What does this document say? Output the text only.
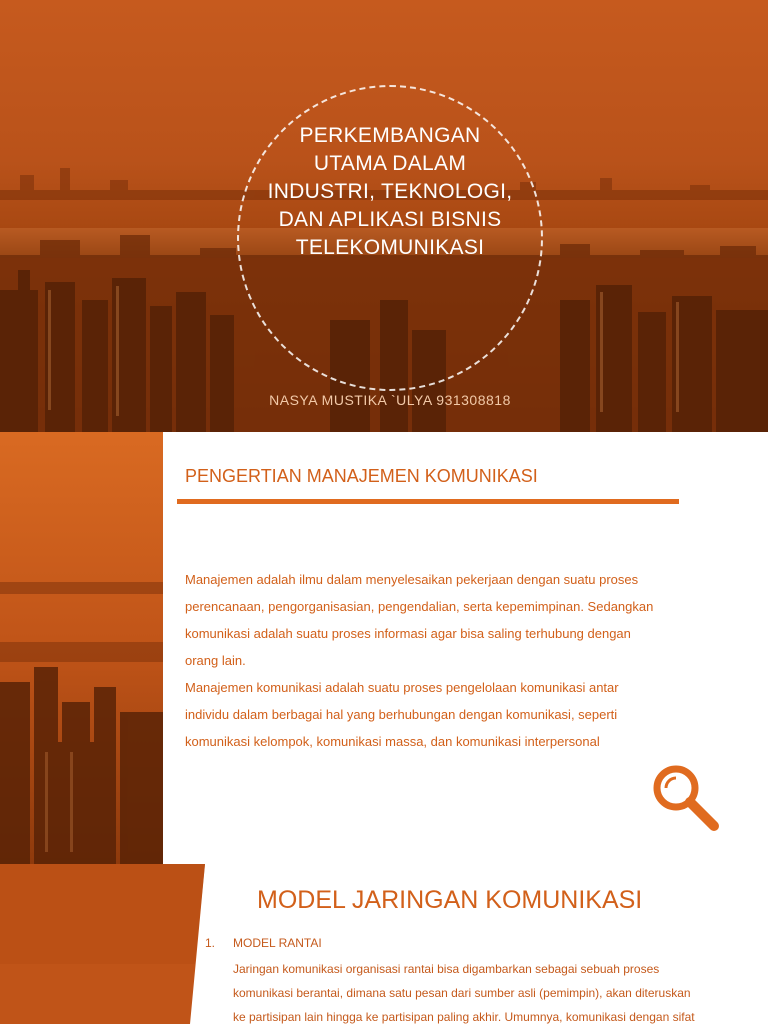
PERKEMBANGAN
UTAMA DALAM
INDUSTRI, TEKNOLOGI,
DAN APLIKASI BISNIS
TELEKOMUNIKASI
NASYA MUSTIKA `ULYA 931308818
PENGERTIAN MANAJEMEN KOMUNIKASI
Manajemen adalah ilmu dalam menyelesaikan pekerjaan dengan suatu proses
perencanaan, pengorganisasian, pengendalian, serta kepemimpinan. Sedangkan
komunikasi adalah suatu proses informasi agar bisa saling terhubung dengan
orang lain.
Manajemen komunikasi adalah suatu proses pengelolaan komunikasi antar
individu dalam berbagai hal yang berhubungan dengan komunikasi, seperti
komunikasi kelompok, komunikasi massa, dan komunikasi interpersonal
MODEL JARINGAN KOMUNIKASI
1. MODEL RANTAI
Jaringan komunikasi organisasi rantai bisa digambarkan sebagai sebuah proses
komunikasi berantai, dimana satu pesan dari sumber asli (pemimpin), akan diteruskan
ke partisipan lain hingga ke partisipan paling akhir. Umumnya, komunikasi dengan sifat
